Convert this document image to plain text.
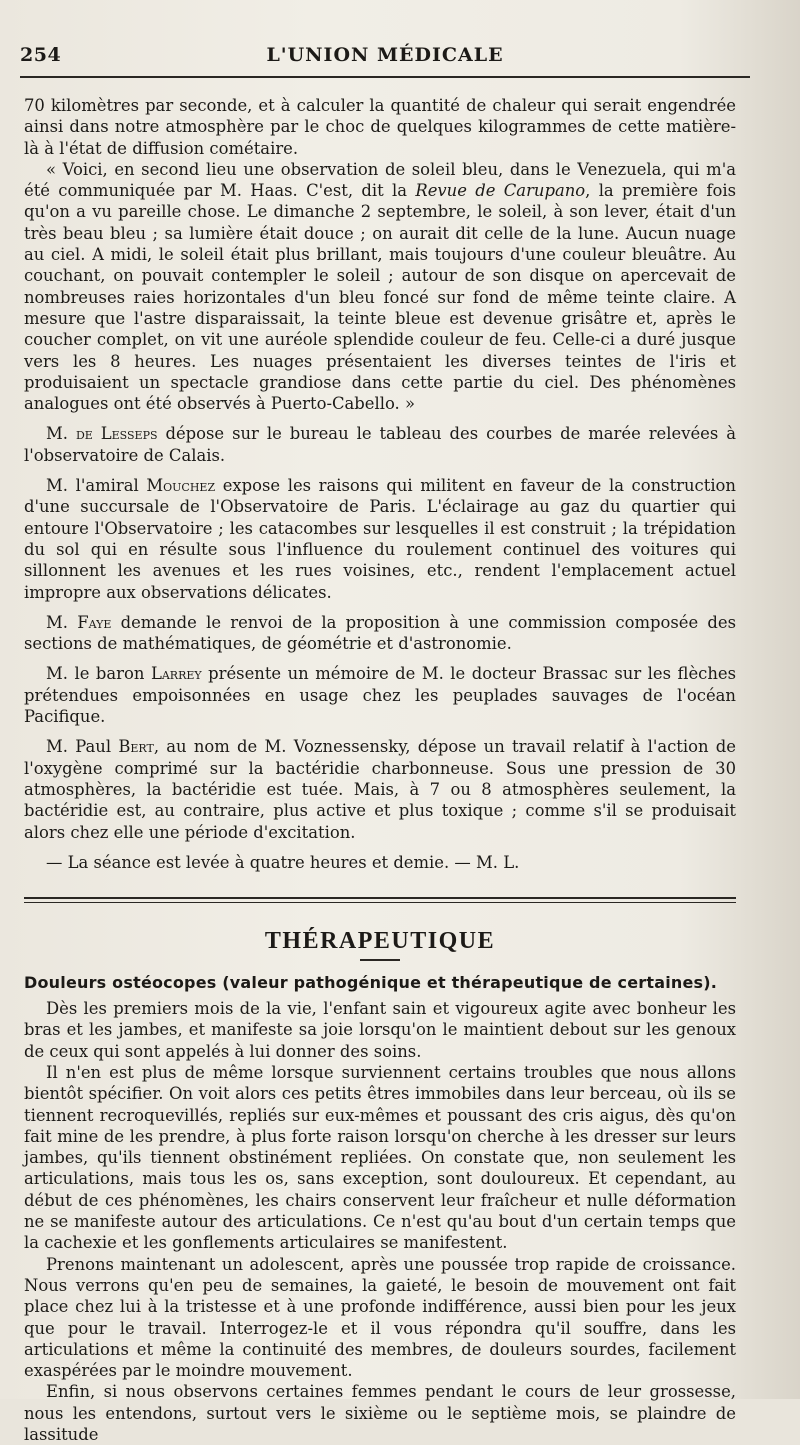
254	L'UNION MÉDICALE

70 kilomètres par seconde, et à calculer la quantité de chaleur qui serait engendrée ainsi dans notre atmosphère par le choc de quelques kilogrammes de cette matière-là à l'état de diffusion cométaire.

« Voici, en second lieu une observation de soleil bleu, dans le Venezuela, qui m'a été communiquée par M. Haas. C'est, dit la Revue de Carupano, la première fois qu'on a vu pareille chose. Le dimanche 2 septembre, le soleil, à son lever, était d'un très beau bleu ; sa lumière était douce ; on aurait dit celle de la lune. Aucun nuage au ciel. A midi, le soleil était plus brillant, mais toujours d'une couleur bleuâtre. Au couchant, on pouvait contempler le soleil ; autour de son disque on apercevait de nombreuses raies horizontales d'un bleu foncé sur fond de même teinte claire. A mesure que l'astre disparaissait, la teinte bleue est devenue grisâtre et, après le coucher complet, on vit une auréole splendide couleur de feu. Celle-ci a duré jusque vers les 8 heures. Les nuages présentaient les diverses teintes de l'iris et produisaient un spectacle grandiose dans cette partie du ciel. Des phénomènes analogues ont été observés à Puerto-Cabello. »

M. de Lesseps dépose sur le bureau le tableau des courbes de marée relevées à l'observatoire de Calais.

M. l'amiral Mouchez expose les raisons qui militent en faveur de la construction d'une succursale de l'Observatoire de Paris. L'éclairage au gaz du quartier qui entoure l'Observatoire ; les catacombes sur lesquelles il est construit ; la trépidation du sol qui en résulte sous l'influence du roulement continuel des voitures qui sillonnent les avenues et les rues voisines, etc., rendent l'emplacement actuel impropre aux observations délicates.

M. Faye demande le renvoi de la proposition à une commission composée des sections de mathématiques, de géométrie et d'astronomie.

M. le baron Larrey présente un mémoire de M. le docteur Brassac sur les flèches prétendues empoisonnées en usage chez les peuplades sauvages de l'océan Pacifique.

M. Paul Bert, au nom de M. Voznessensky, dépose un travail relatif à l'action de l'oxygène comprimé sur la bactéridie charbonneuse. Sous une pression de 30 atmosphères, la bactéridie est tuée. Mais, à 7 ou 8 atmosphères seulement, la bactéridie est, au contraire, plus active et plus toxique ; comme s'il se produisait alors chez elle une période d'excitation.

— La séance est levée à quatre heures et demie. — M. L.

THÉRAPEUTIQUE

Douleurs ostéocopes (valeur pathogénique et thérapeutique de certaines).

Dès les premiers mois de la vie, l'enfant sain et vigoureux agite avec bonheur les bras et les jambes, et manifeste sa joie lorsqu'on le maintient debout sur les genoux de ceux qui sont appelés à lui donner des soins.

Il n'en est plus de même lorsque surviennent certains troubles que nous allons bientôt spécifier. On voit alors ces petits êtres immobiles dans leur berceau, où ils se tiennent recroquevillés, repliés sur eux-mêmes et poussant des cris aigus, dès qu'on fait mine de les prendre, à plus forte raison lorsqu'on cherche à les dresser sur leurs jambes, qu'ils tiennent obstinément repliées. On constate que, non seulement les articulations, mais tous les os, sans exception, sont douloureux. Et cependant, au début de ces phénomènes, les chairs conservent leur fraîcheur et nulle déformation ne se manifeste autour des articulations. Ce n'est qu'au bout d'un certain temps que la cachexie et les gonflements articulaires se manifestent.

Prenons maintenant un adolescent, après une poussée trop rapide de croissance. Nous verrons qu'en peu de semaines, la gaieté, le besoin de mouvement ont fait place chez lui à la tristesse et à une profonde indifférence, aussi bien pour les jeux que pour le travail. Interrogez-le et il vous répondra qu'il souffre, dans les articulations et même la continuité des membres, de douleurs sourdes, facilement exaspérées par le moindre mouvement.

Enfin, si nous observons certaines femmes pendant le cours de leur grossesse, nous les entendons, surtout vers le sixième ou le septième mois, se plaindre de lassitude
